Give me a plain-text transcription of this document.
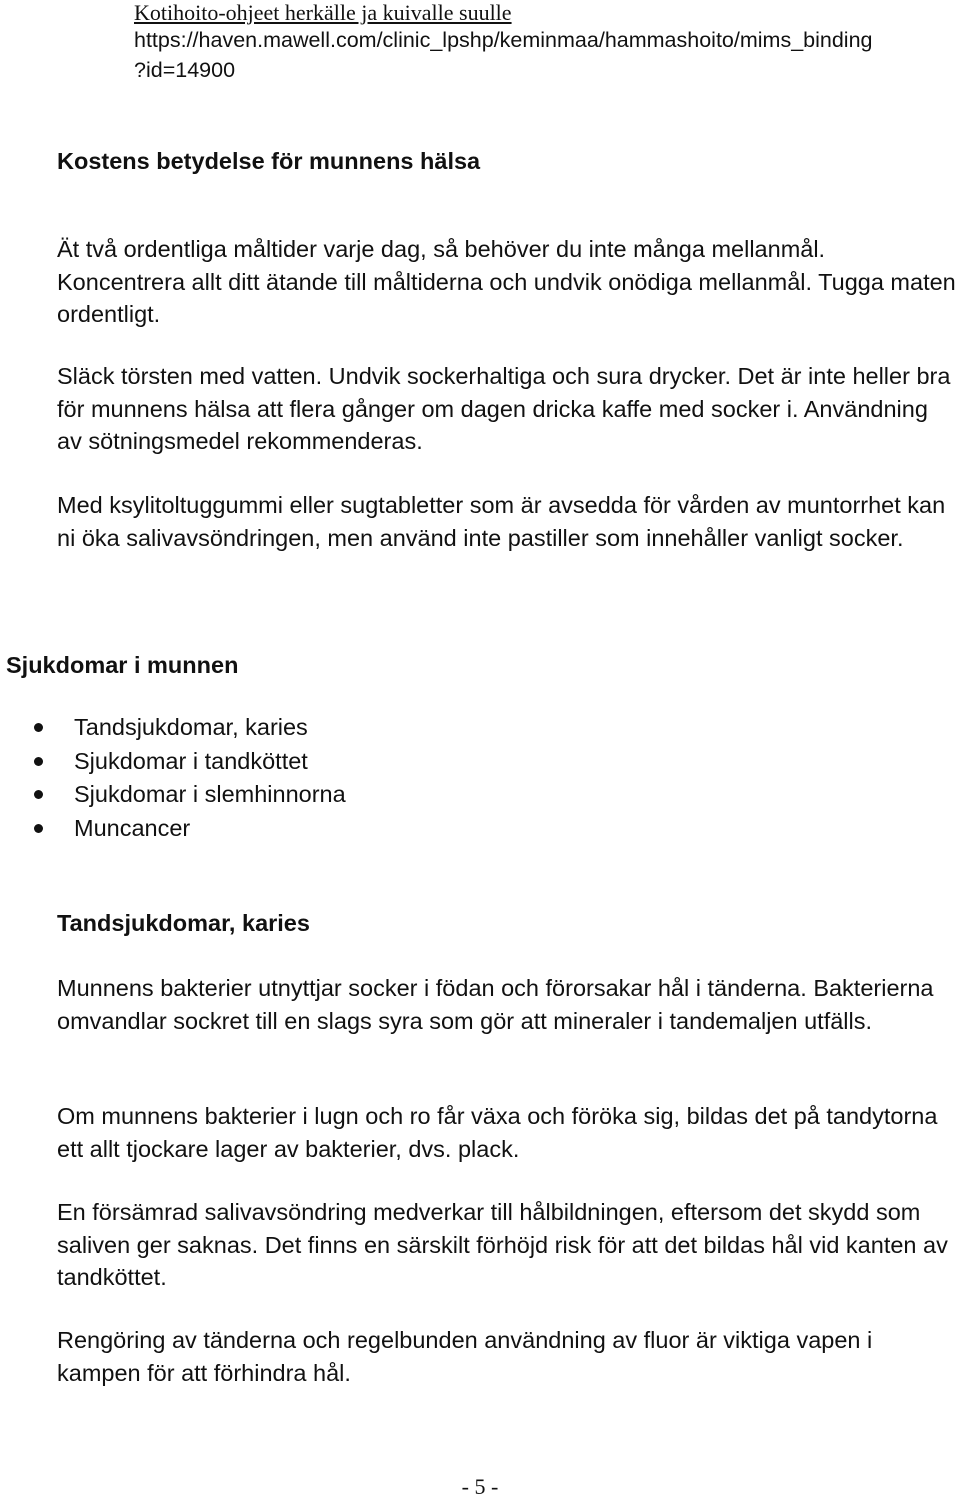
Kotihoito-ohjeet herkälle ja kuivalle suulle
https://haven.mawell.com/clinic_lpshp/keminmaa/hammashoito/mims_binding
?id=14900
Kostens betydelse för munnens hälsa

Ät två ordentliga måltider varje dag, så behöver du inte många mellanmål. Koncentrera allt ditt ätande till måltiderna och undvik onödiga mellanmål. Tugga maten ordentligt.

Släck törsten med vatten. Undvik sockerhaltiga och sura drycker. Det är inte heller bra för munnens hälsa att flera gånger om dagen dricka kaffe med socker i. Användning av sötningsmedel rekommenderas.

Med ksylitoltuggummi eller sugtabletter som är avsedda för vården av muntorrhet kan ni öka salivavsöndringen, men använd inte pastiller som innehåller vanligt socker.

Sjukdomar i munnen
Tandsjukdomar, karies
Sjukdomar i tandköttet
Sjukdomar i slemhinnorna
Muncancer
Tandsjukdomar, karies

Munnens bakterier utnyttjar socker i födan och förorsakar hål i tänderna. Bakterierna omvandlar sockret till en slags syra som gör att mineraler i tandemaljen utfälls.

Om munnens bakterier i lugn och ro får växa och föröka sig, bildas det på tandytorna ett allt tjockare lager av bakterier, dvs. plack.

En försämrad salivavsöndring medverkar till hålbildningen, eftersom det skydd som saliven ger saknas. Det finns en särskilt förhöjd risk för att det bildas hål vid kanten av tandköttet.

Rengöring av tänderna och regelbunden användning av fluor är viktiga vapen i kampen för att förhindra hål.

- 5 -
